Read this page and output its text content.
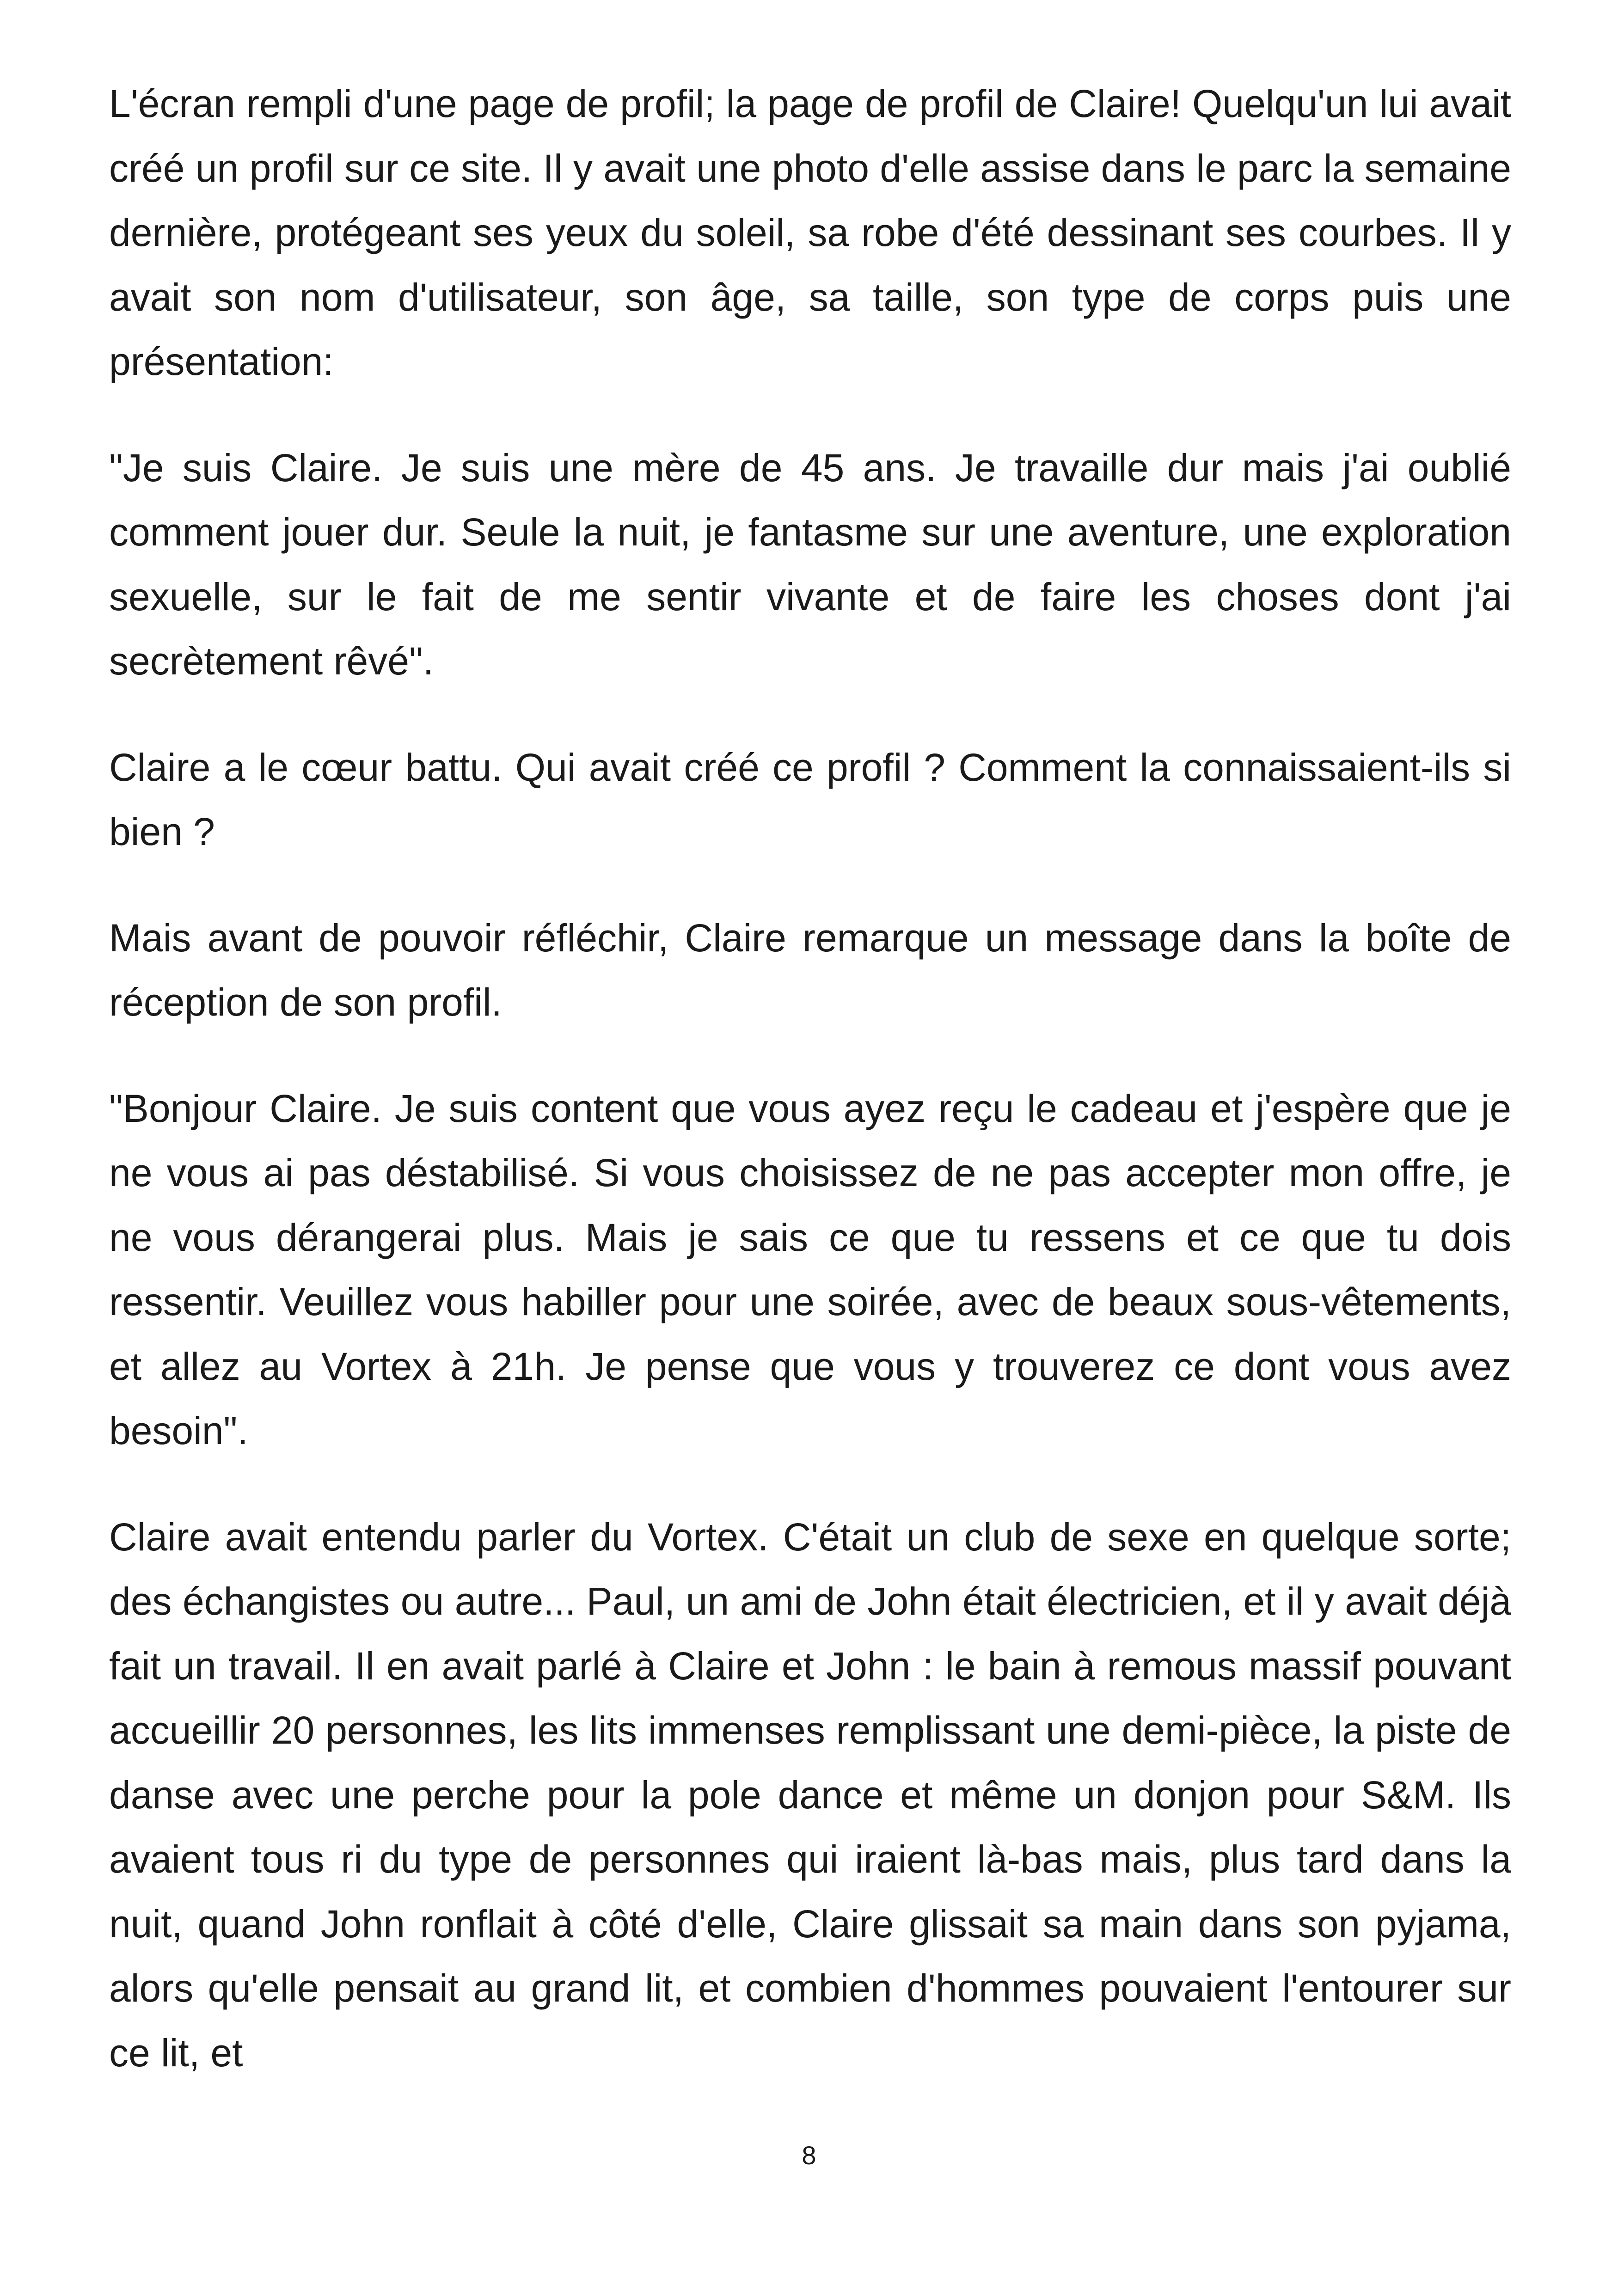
L'écran rempli d'une page de profil; la page de profil de Claire! Quelqu'un lui avait créé un profil sur ce site. Il y avait une photo d'elle assise dans le parc la semaine dernière, protégeant ses yeux du soleil, sa robe d'été dessinant ses courbes. Il y avait son nom d'utilisateur, son âge, sa taille, son type de corps puis une présentation:

"Je suis Claire. Je suis une mère de 45 ans. Je travaille dur mais j'ai oublié comment jouer dur. Seule la nuit, je fantasme sur une aventure, une exploration sexuelle, sur le fait de me sentir vivante et de faire les choses dont j'ai secrètement rêvé".

Claire a le cœur battu. Qui avait créé ce profil ? Comment la connaissaient-ils si bien ?

Mais avant de pouvoir réfléchir, Claire remarque un message dans la boîte de réception de son profil.

"Bonjour Claire. Je suis content que vous ayez reçu le cadeau et j'espère que je ne vous ai pas déstabilisé. Si vous choisissez de ne pas accepter mon offre, je ne vous dérangerai plus. Mais je sais ce que tu ressens et ce que tu dois ressentir. Veuillez vous habiller pour une soirée, avec de beaux sous-vêtements, et allez au Vortex à 21h. Je pense que vous y trouverez ce dont vous avez besoin".

Claire avait entendu parler du Vortex. C'était un club de sexe en quelque sorte; des échangistes ou autre... Paul, un ami de John était électricien, et il y avait déjà fait un travail. Il en avait parlé à Claire et John : le bain à remous massif pouvant accueillir 20 personnes, les lits immenses remplissant une demi-pièce, la piste de danse avec une perche pour la pole dance et même un donjon pour S&M. Ils avaient tous ri du type de personnes qui iraient là-bas mais, plus tard dans la nuit, quand John ronflait à côté d'elle, Claire glissait sa main dans son pyjama, alors qu'elle pensait au grand lit, et combien d'hommes pouvaient l'entourer sur ce lit, et

8
